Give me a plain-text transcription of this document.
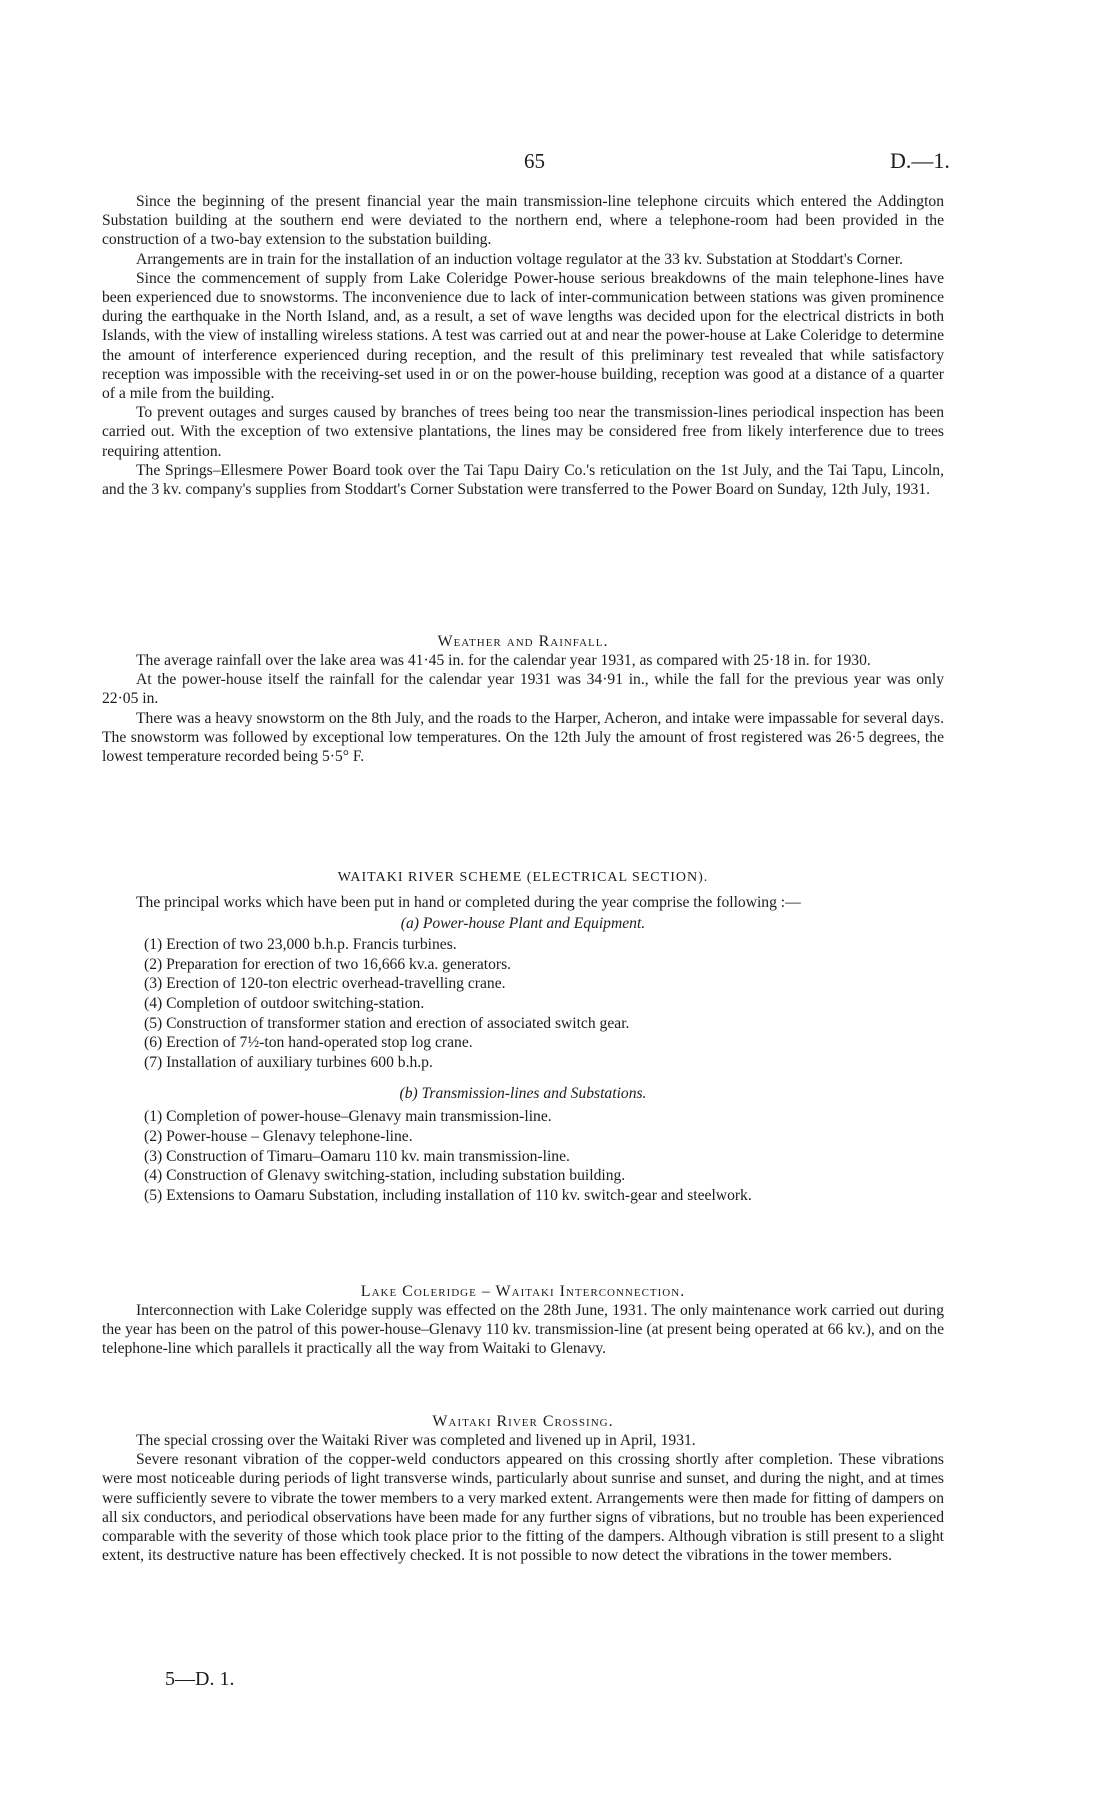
65	D.—1.

Since the beginning of the present financial year the main transmission-line telephone circuits which entered the Addington Substation building at the southern end were deviated to the northern end, where a telephone-room had been provided in the construction of a two-bay extension to the substation building.

Arrangements are in train for the installation of an induction voltage regulator at the 33 kv. Substation at Stoddart's Corner.

Since the commencement of supply from Lake Coleridge Power-house serious breakdowns of the main telephone-lines have been experienced due to snowstorms. The inconvenience due to lack of inter-communication between stations was given prominence during the earthquake in the North Island, and, as a result, a set of wave lengths was decided upon for the electrical districts in both Islands, with the view of installing wireless stations. A test was carried out at and near the power-house at Lake Coleridge to determine the amount of interference experienced during reception, and the result of this preliminary test revealed that while satisfactory reception was impossible with the receiving-set used in or on the power-house building, reception was good at a distance of a quarter of a mile from the building.

To prevent outages and surges caused by branches of trees being too near the transmission-lines periodical inspection has been carried out. With the exception of two extensive plantations, the lines may be considered free from likely interference due to trees requiring attention.

The Springs–Ellesmere Power Board took over the Tai Tapu Dairy Co.'s reticulation on the 1st July, and the Tai Tapu, Lincoln, and the 3 kv. company's supplies from Stoddart's Corner Substation were transferred to the Power Board on Sunday, 12th July, 1931.

Weather and Rainfall.

The average rainfall over the lake area was 41·45 in. for the calendar year 1931, as compared with 25·18 in. for 1930.

At the power-house itself the rainfall for the calendar year 1931 was 34·91 in., while the fall for the previous year was only 22·05 in.

There was a heavy snowstorm on the 8th July, and the roads to the Harper, Acheron, and intake were impassable for several days. The snowstorm was followed by exceptional low temperatures. On the 12th July the amount of frost registered was 26·5 degrees, the lowest temperature recorded being 5·5° F.

WAITAKI RIVER SCHEME (ELECTRICAL SECTION).

The principal works which have been put in hand or completed during the year comprise the following :—

(a) Power-house Plant and Equipment.
(1) Erection of two 23,000 b.h.p. Francis turbines.
(2) Preparation for erection of two 16,666 kv.a. generators.
(3) Erection of 120-ton electric overhead-travelling crane.
(4) Completion of outdoor switching-station.
(5) Construction of transformer station and erection of associated switch gear.
(6) Erection of 7½-ton hand-operated stop log crane.
(7) Installation of auxiliary turbines 600 b.h.p.
(b) Transmission-lines and Substations.
(1) Completion of power-house–Glenavy main transmission-line.
(2) Power-house – Glenavy telephone-line.
(3) Construction of Timaru–Oamaru 110 kv. main transmission-line.
(4) Construction of Glenavy switching-station, including substation building.
(5) Extensions to Oamaru Substation, including installation of 110 kv. switch-gear and steelwork.
Lake Coleridge – Waitaki Interconnection.

Interconnection with Lake Coleridge supply was effected on the 28th June, 1931. The only maintenance work carried out during the year has been on the patrol of this power-house–Glenavy 110 kv. transmission-line (at present being operated at 66 kv.), and on the telephone-line which parallels it practically all the way from Waitaki to Glenavy.

Waitaki River Crossing.

The special crossing over the Waitaki River was completed and livened up in April, 1931.

Severe resonant vibration of the copper-weld conductors appeared on this crossing shortly after completion. These vibrations were most noticeable during periods of light transverse winds, particularly about sunrise and sunset, and during the night, and at times were sufficiently severe to vibrate the tower members to a very marked extent. Arrangements were then made for fitting of dampers on all six conductors, and periodical observations have been made for any further signs of vibrations, but no trouble has been experienced comparable with the severity of those which took place prior to the fitting of the dampers. Although vibration is still present to a slight extent, its destructive nature has been effectively checked. It is not possible to now detect the vibrations in the tower members.

5—D. 1.
